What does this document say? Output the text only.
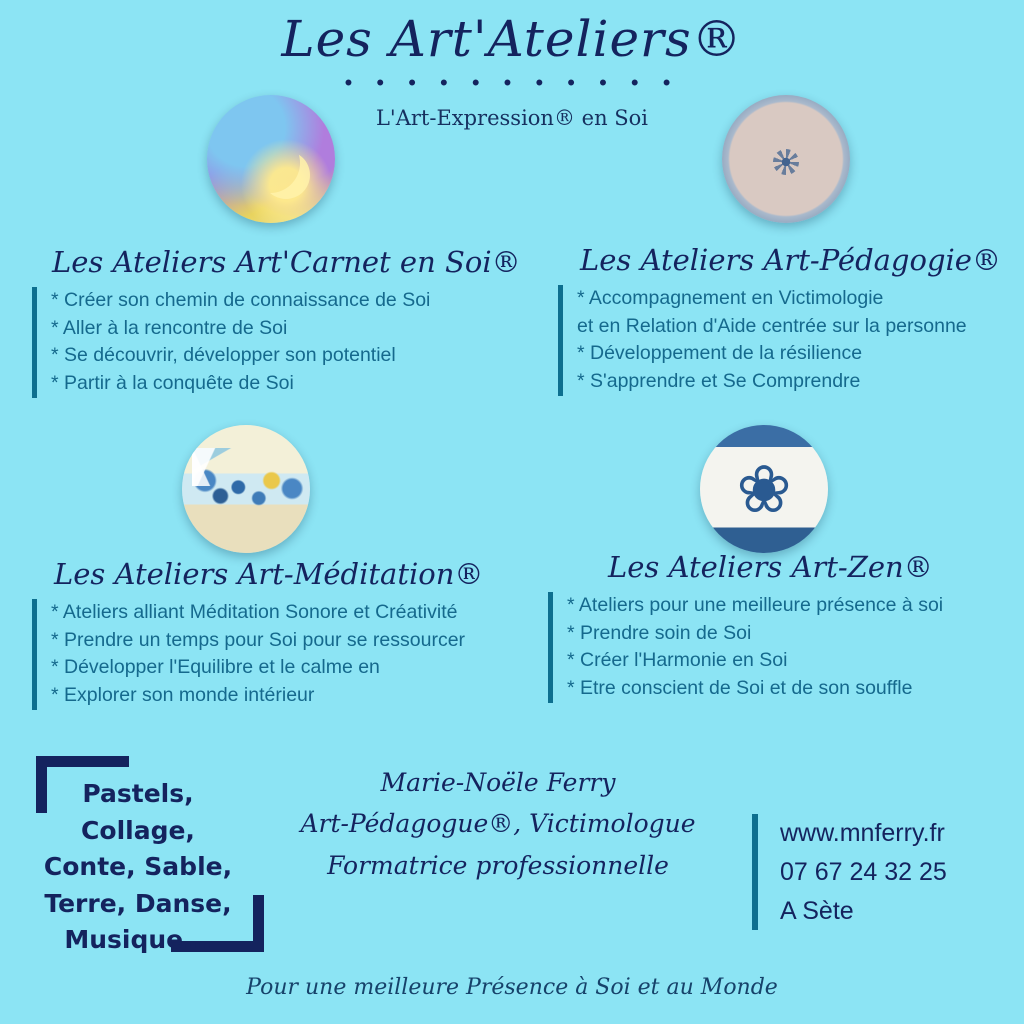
Les Art'Ateliers®
• • • • • • • • • • •
L'Art-Expression® en Soi
❀
Les Ateliers Art'Carnet en Soi®
* Créer son chemin de connaissance de Soi
* Aller à la rencontre de Soi
* Se découvrir, développer son potentiel
* Partir à la conquête de Soi
Les Ateliers Art-Pédagogie®
* Accompagnement en Victimologie
et en Relation d'Aide centrée sur la personne
* Développement de la résilience
* S'apprendre et Se Comprendre
Les Ateliers Art-Méditation®
* Ateliers alliant Méditation Sonore et Créativité
* Prendre un temps pour Soi pour se ressourcer
* Développer l'Equilibre et le calme en
* Explorer son monde intérieur
Les Ateliers Art-Zen®
* Ateliers pour une meilleure présence à soi
* Prendre soin de Soi
* Créer l'Harmonie en Soi
* Etre conscient de Soi et de son souffle
Pastels,
Collage,
Conte, Sable,
Terre, Danse,
Musique...
Marie-Noële Ferry
Art-Pédagogue®, Victimologue
Formatrice professionnelle
www.mnferry.fr
07 67 24 32 25
A Sète
Pour une meilleure Présence à Soi et au Monde
